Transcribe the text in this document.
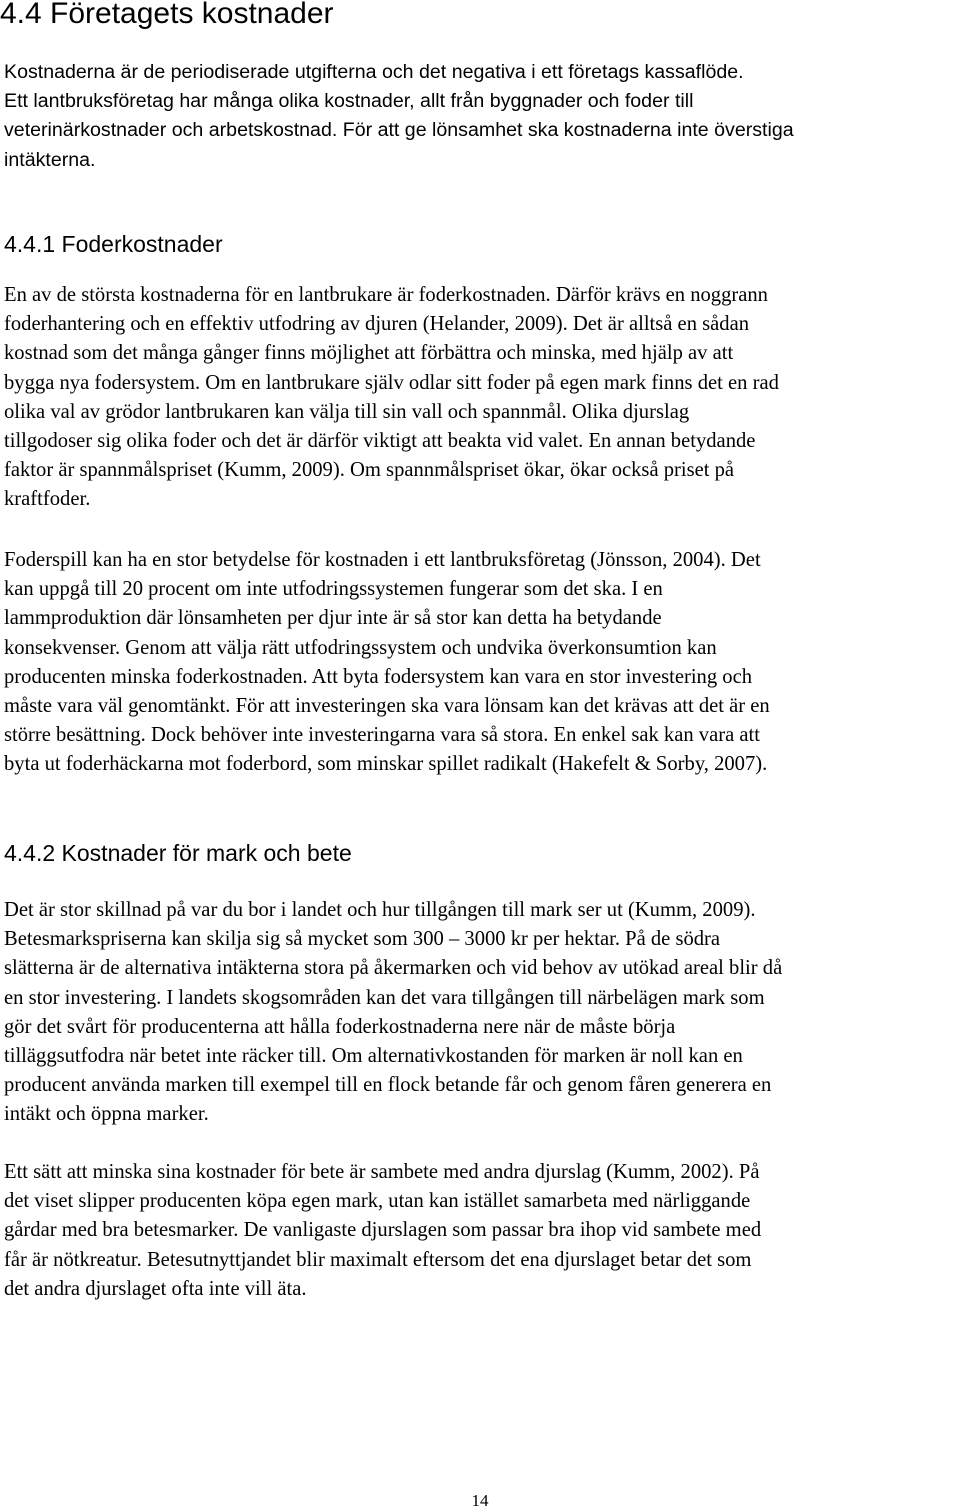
4.4 Företagets kostnader
Kostnaderna är de periodiserade utgifterna och det negativa i ett företags kassaflöde.
Ett lantbruksföretag har många olika kostnader, allt från byggnader och foder till
veterinärkostnader och arbetskostnad. För att ge lönsamhet ska kostnaderna inte överstiga
intäkterna.
4.4.1 Foderkostnader
En av de största kostnaderna för en lantbrukare är foderkostnaden. Därför krävs en noggrann
foderhantering och en effektiv utfodring av djuren (Helander, 2009). Det är alltså en sådan
kostnad som det många gånger finns möjlighet att förbättra och minska, med hjälp av att
bygga nya fodersystem. Om en lantbrukare själv odlar sitt foder på egen mark finns det en rad
olika val av grödor lantbrukaren kan välja till sin vall och spannmål. Olika djurslag
tillgodoser sig olika foder och det är därför viktigt att beakta vid valet. En annan betydande
faktor är spannmålspriset (Kumm, 2009). Om spannmålspriset ökar, ökar också priset på
kraftfoder.
Foderspill kan ha en stor betydelse för kostnaden i ett lantbruksföretag (Jönsson, 2004). Det
kan uppgå till 20 procent om inte utfodringssystemen fungerar som det ska. I en
lammproduktion där lönsamheten per djur inte är så stor kan detta ha betydande
konsekvenser. Genom att välja rätt utfodringssystem och undvika överkonsumtion kan
producenten minska foderkostnaden. Att byta fodersystem kan vara en stor investering och
måste vara väl genomtänkt. För att investeringen ska vara lönsam kan det krävas att det är en
större besättning. Dock behöver inte investeringarna vara så stora. En enkel sak kan vara att
byta ut foderhäckarna mot foderbord, som minskar spillet radikalt (Hakefelt & Sorby, 2007).
4.4.2 Kostnader för mark och bete
Det är stor skillnad på var du bor i landet och hur tillgången till mark ser ut (Kumm, 2009).
Betesmarkspriserna kan skilja sig så mycket som 300 – 3000 kr per hektar. På de södra
slätterna är de alternativa intäkterna stora på åkermarken och vid behov av utökad areal blir då
en stor investering. I landets skogsområden kan det vara tillgången till närbelägen mark som
gör det svårt för producenterna att hålla foderkostnaderna nere när de måste börja
tilläggsutfodra när betet inte räcker till. Om alternativkostanden för marken är noll kan en
producent använda marken till exempel till en flock betande får och genom fåren generera en
intäkt och öppna marker.
Ett sätt att minska sina kostnader för bete är sambete med andra djurslag (Kumm, 2002). På
det viset slipper producenten köpa egen mark, utan kan istället samarbeta med närliggande
gårdar med bra betesmarker. De vanligaste djurslagen som passar bra ihop vid sambete med
får är nötkreatur. Betesutnyttjandet blir maximalt eftersom det ena djurslaget betar det som
det andra djurslaget ofta inte vill äta.
14
